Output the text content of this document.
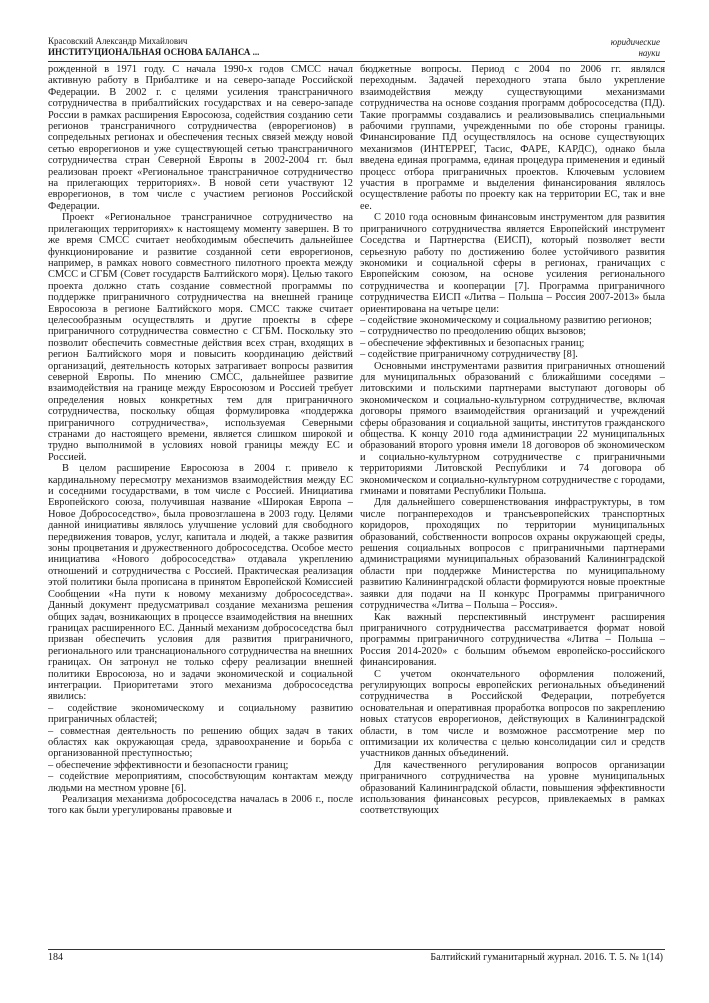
Красовский Александр Михайлович
ИНСТИТУЦИОНАЛЬНАЯ ОСНОВА БАЛАНСА ...
юридические
науки

рожденной в 1971 году. С начала 1990-х годов СМСС начал активную работу в Прибалтике и на северо-западе Российской Федерации. В 2002 г. с целями усиления трансграничного сотрудничества в прибалтийских государствах и на северо-западе России в рамках расширения Евросоюза, содействия созданию сети регионов трансграничного сотрудничества (еврорегионов) в сопредельных регионах и обеспечения тесных связей между новой сетью еврорегионов и уже существующей сетью трансграничного сотрудничества стран Северной Европы в 2002-2004 гг. был реализован проект «Региональное трансграничное сотрудничество на прилегающих территориях». В новой сети участвуют 12 еврорегионов, в том числе с участием регионов Российской Федерации.

Проект «Региональное трансграничное сотрудничество на прилегающих территориях» к настоящему моменту завершен. В то же время СМСС считает необходимым обеспечить дальнейшее функционирование и развитие созданной сети еврорегионов, например, в рамках нового совместного пилотного проекта между СМСС и СГБМ (Совет государств Балтийского моря). Целью такого проекта должно стать создание совместной программы по поддержке приграничного сотрудничества на внешней границе Евросоюза в регионе Балтийского моря. СМСС также считает целесообразным осуществлять и другие проекты в сфере приграничного сотрудничества совместно с СГБМ. Поскольку это позволит обеспечить совместные действия всех стран, входящих в регион Балтийского моря и повысить координацию действий организаций, деятельность которых затрагивает вопросы развития северной Европы. По мнению СМСС, дальнейшее развитие взаимодействия на границе между Евросоюзом и Россией требует определения новых конкретных тем для приграничного сотрудничества, поскольку общая формулировка «поддержка приграничного сотрудничества», используемая Северными странами до настоящего времени, является слишком широкой и трудно выполнимой в условиях новой границы между ЕС и Россией.

В целом расширение Евросоюза в 2004 г. привело к кардинальному пересмотру механизмов взаимодействия между ЕС и соседними государствами, в том числе с Россией. Инициатива Европейского союза, получившая название «Широкая Европа – Новое Добрососедство», была провозглашена в 2003 году. Целями данной инициативы являлось улучшение условий для свободного передвижения товаров, услуг, капитала и людей, а также развития зоны процветания и дружественного добрососедства. Особое место инициатива «Нового добрососедства» отдавала укреплению отношений и сотрудничества с Россией. Практическая реализация этой политики была прописана в принятом Европейской Комиссией Сообщении «На пути к новому механизму добрососедства». Данный документ предусматривал создание механизма решения общих задач, возникающих в процессе взаимодействия на внешних границах расширенного ЕС. Данный механизм добрососедства был призван обеспечить условия для развития приграничного, регионального или транснационального сотрудничества на внешних границах. Он затронул не только сферу реализации внешней политики Евросоюза, но и задачи экономической и социальной интеграции. Приоритетами этого механизма добрососедства явились:

– содействие экономическому и социальному развитию приграничных областей;

– совместная деятельность по решению общих задач в таких областях как окружающая среда, здравоохранение и борьба с организованной преступностью;

– обеспечение эффективности и безопасности границ;

– содействие мероприятиям, способствующим контактам между людьми на местном уровне [6].

Реализация механизма добрососедства началась в 2006 г., после того как были урегулированы правовые и

бюджетные вопросы. Период с 2004 по 2006 гг. являлся переходным. Задачей переходного этапа было укрепление взаимодействия между существующими механизмами сотрудничества на основе создания программ добрососедства (ПД). Такие программы создавались и реализовывались специальными рабочими группами, учрежденными по обе стороны границы. Финансирование ПД осуществлялось на основе существующих механизмов (ИНТЕРРЕГ, Тасис, ФАРЕ, КАРДС), однако была введена единая программа, единая процедура применения и единый процесс отбора приграничных проектов. Ключевым условием участия в программе и выделения финансирования являлось осуществление работы по проекту как на территории ЕС, так и вне ее.

С 2010 года основным финансовым инструментом для развития приграничного сотрудничества является Европейский инструмент Соседства и Партнерства (ЕИСП), который позволяет вести серьезную работу по достижению более устойчивого развития экономики и социальной сферы в регионах, граничащих с Европейским союзом, на основе усиления регионального сотрудничества и кооперации [7]. Программа приграничного сотрудничества ЕИСП «Литва – Польша – Россия 2007-2013» была ориентирована на четыре цели:

– содействие экономическому и социальному развитию регионов;

– сотрудничество по преодолению общих вызовов;

– обеспечение эффективных и безопасных границ;

– содействие приграничному сотрудничеству [8].

Основными инструментами развития приграничных отношений для муниципальных образований с ближайшими соседями – литовскими и польскими партнерами выступают договоры об экономическом и социально-культурном сотрудничестве, включая договоры прямого взаимодействия организаций и учреждений сферы образования и социальной защиты, институтов гражданского общества. К концу 2010 года администрации 22 муниципальных образований второго уровня имели 18 договоров об экономическом и социально-культурном сотрудничестве с приграничными территориями Литовской Республики и 74 договора об экономическом и социально-культурном сотрудничестве с городами, гминами и повятами Республики Польша.

Для дальнейшего совершенствования инфраструктуры, в том числе погранпереходов и трансъевропейских транспортных коридоров, проходящих по территории муниципальных образований, собственности вопросов охраны окружающей среды, решения социальных вопросов с приграничными партнерами администрациями муниципальных образований Калининградской области при поддержке Министерства по муниципальному развитию Калининградской области формируются новые проектные заявки для подачи на II конкурс Программы приграничного сотрудничества «Литва – Польша – Россия».

Как важный перспективный инструмент расширения приграничного сотрудничества рассматривается формат новой программы приграничного сотрудничества «Литва – Польша – Россия 2014-2020» с большим объемом европейско-российского финансирования.

С учетом окончательного оформления положений, регулирующих вопросы европейских региональных объединений сотрудничества в Российской Федерации, потребуется основательная и оперативная проработка вопросов по закреплению новых статусов еврорегионов, действующих в Калининградской области, в том числе и возможное рассмотрение мер по оптимизации их количества с целью консолидации сил и средств участников данных объединений.

Для качественного регулирования вопросов организации приграничного сотрудничества на уровне муниципальных образований Калининградской области, повышения эффективности использования финансовых ресурсов, привлекаемых в рамках соответствующих

184	Балтийский гуманитарный журнал. 2016. Т. 5. № 1(14)
